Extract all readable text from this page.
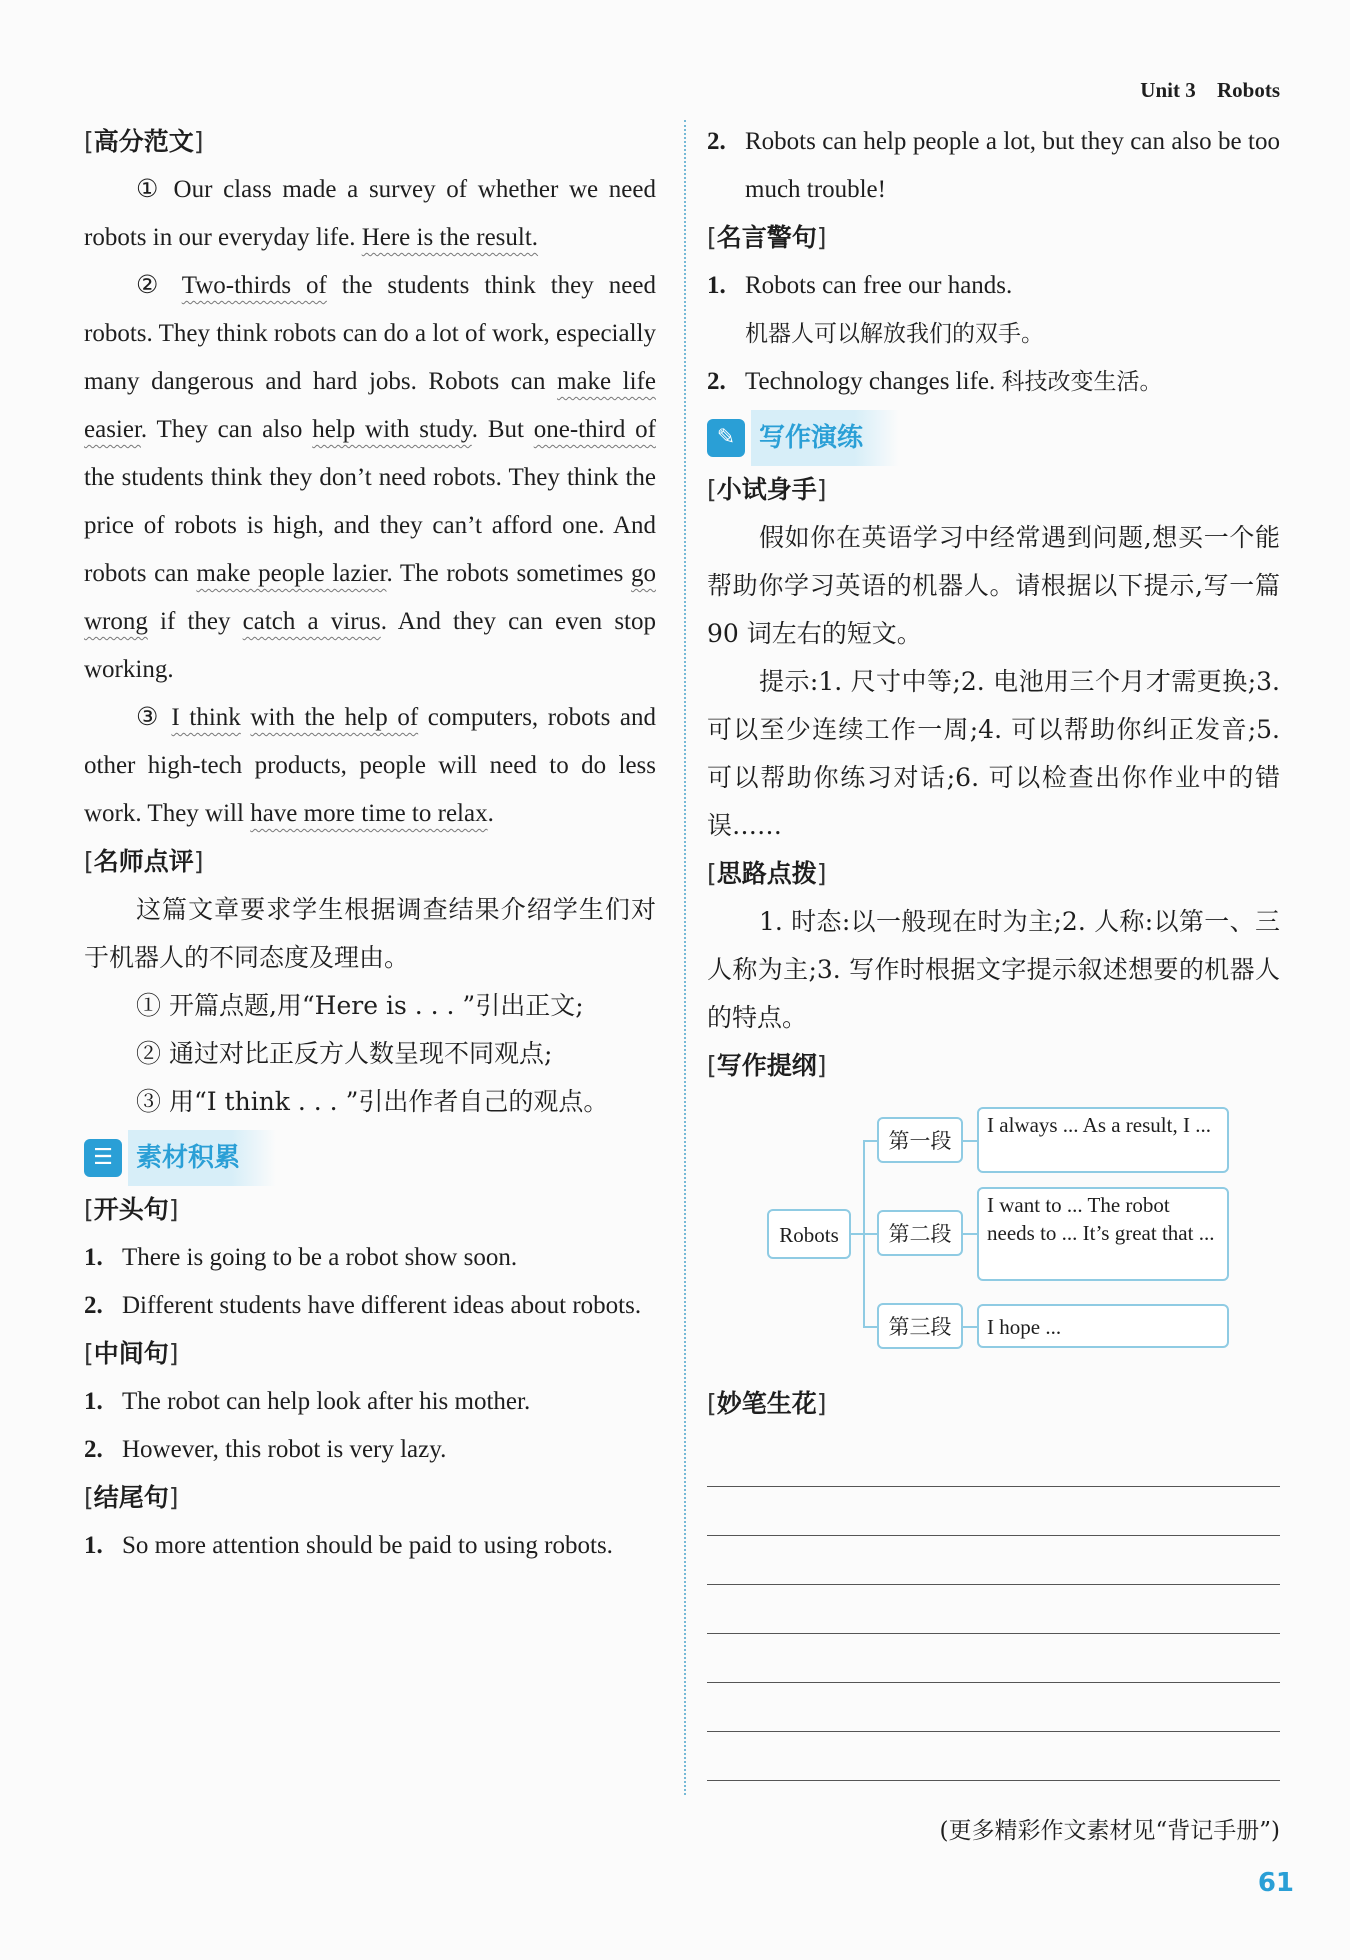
Unit 3 Robots
[高分范文]
① Our class made a survey of whether we need robots in our everyday life. Here is the result.
② Two-thirds of the students think they need robots. They think robots can do a lot of work, especially many dangerous and hard jobs. Robots can make life easier. They can also help with study. But one-third of the students think they don’t need robots. They think the price of robots is high, and they can’t afford one. And robots can make people lazier. The robots sometimes go wrong if they catch a virus. And they can even stop working.
③ I think with the help of computers, robots and other high-tech products, people will need to do less work. They will have more time to relax.
[名师点评]
这篇文章要求学生根据调查结果介绍学生们对于机器人的不同态度及理由。
① 开篇点题,用“Here is . . . ”引出正文;
② 通过对比正反方人数呈现不同观点;
③ 用“I think . . . ”引出作者自己的观点。
☰ 素材积累
[开头句]
1. There is going to be a robot show soon.
2. Different students have different ideas about robots.
[中间句]
1. The robot can help look after his mother.
2. However, this robot is very lazy.
[结尾句]
1. So more attention should be paid to using robots.
2. Robots can help people a lot, but they can also be too much trouble!
[名言警句]
1. Robots can free our hands.
机器人可以解放我们的双手。
2. Technology changes life. 科技改变生活。
✎ 写作演练
[小试身手]
假如你在英语学习中经常遇到问题,想买一个能帮助你学习英语的机器人。请根据以下提示,写一篇 90 词左右的短文。
提示:1. 尺寸中等;2. 电池用三个月才需更换;3. 可以至少连续工作一周;4. 可以帮助你纠正发音;5. 可以帮助你练习对话;6. 可以检查出你作业中的错误……
[思路点拨]
1. 时态:以一般现在时为主;2. 人称:以第一、三人称为主;3. 写作时根据文字提示叙述想要的机器人的特点。
[写作提纲]
Robots
第一段
I always ... As a result, I ...
第二段
I want to ... The robot needs to ... It’s great that ...
第三段	I hope ...
[妙笔生花]
(更多精彩作文素材见“背记手册”)
61
